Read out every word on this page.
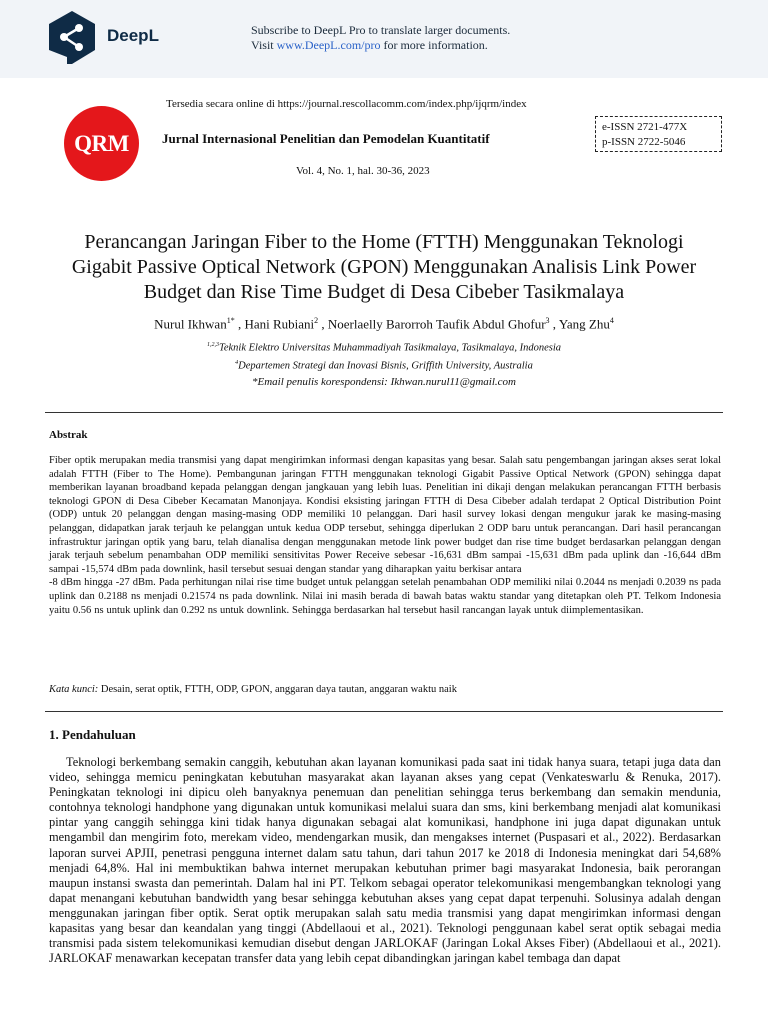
DeepL	Subscribe to DeepL Pro to translate larger documents.
Visit www.DeepL.com/pro for more information.
QRM
Tersedia secara online di https://journal.rescollacomm.com/index.php/ijqrm/index
Jurnal Internasional Penelitian dan Pemodelan Kuantitatif
e-ISSN 2721-477X
p-ISSN 2722-5046
Vol. 4, No. 1, hal. 30-36, 2023
Perancangan Jaringan Fiber to the Home (FTTH) Menggunakan Teknologi
Gigabit Passive Optical Network (GPON) Menggunakan Analisis Link Power
Budget dan Rise Time Budget di Desa Cibeber Tasikmalaya
Nurul Ikhwan$^{1*}$ , Hani Rubiani$^2$ , Noerlaelly Barorroh Taufik Abdul Ghofur$^3$ , Yang Zhu$^4$
$^{1,2,3}$Teknik Elektro Universitas Muhammadiyah Tasikmalaya, Tasikmalaya, Indonesia
$^4$Departemen Strategi dan Inovasi Bisnis, Griffith University, Australia
*Email penulis korespondensi: Ikhwan.nurul11@gmail.com
Abstrak
Fiber optik merupakan media transmisi yang dapat mengirimkan informasi dengan kapasitas yang besar. Salah satu pengembangan jaringan akses serat lokal adalah FTTH (Fiber to The Home). Pembangunan jaringan FTTH menggunakan teknologi Gigabit Passive Optical Network (GPON) sehingga dapat memberikan layanan broadband kepada pelanggan dengan jangkauan yang lebih luas. Penelitian ini dikaji dengan melakukan perancangan FTTH berbasis teknologi GPON di Desa Cibeber Kecamatan Manonjaya. Kondisi eksisting jaringan FTTH di Desa Cibeber adalah terdapat 2 Optical Distribution Point (ODP) untuk 20 pelanggan dengan masing-masing ODP memiliki 10 pelanggan. Dari hasil survey lokasi dengan mengukur jarak ke masing-masing pelanggan, didapatkan jarak terjauh ke pelanggan untuk kedua ODP tersebut, sehingga diperlukan 2 ODP baru untuk perancangan. Dari hasil perancangan infrastruktur jaringan optik yang baru, telah dianalisa dengan menggunakan metode link power budget dan rise time budget berdasarkan pelanggan dengan jarak terjauh sebelum penambahan ODP memiliki sensitivitas Power Receive sebesar -16,631 dBm sampai -15,631 dBm pada uplink dan -16,644 dBm sampai -15,574 dBm pada downlink, hasil tersebut sesuai dengan standar yang diharapkan yaitu berkisar antara
-8 dBm hingga -27 dBm. Pada perhitungan nilai rise time budget untuk pelanggan setelah penambahan ODP memiliki nilai 0.2044 ns menjadi 0.2039 ns pada uplink dan 0.2188 ns menjadi 0.21574 ns pada downlink. Nilai ini masih berada di bawah batas waktu standar yang ditetapkan oleh PT. Telkom Indonesia yaitu 0.56 ns untuk uplink dan 0.292 ns untuk downlink. Sehingga berdasarkan hal tersebut hasil rancangan layak untuk diimplementasikan.
Kata kunci: Desain, serat optik, FTTH, ODP, GPON, anggaran daya tautan, anggaran waktu naik
1. Pendahuluan

Teknologi berkembang semakin canggih, kebutuhan akan layanan komunikasi pada saat ini tidak hanya suara, tetapi juga data dan video, sehingga memicu peningkatan kebutuhan masyarakat akan layanan akses yang cepat (Venkateswarlu & Renuka, 2017). Peningkatan teknologi ini dipicu oleh banyaknya penemuan dan penelitian sehingga terus berkembang dan semakin mendunia, contohnya teknologi handphone yang digunakan untuk komunikasi melalui suara dan sms, kini berkembang menjadi alat komunikasi pintar yang canggih sehingga kini tidak hanya digunakan sebagai alat komunikasi, handphone ini juga dapat digunakan untuk mengambil dan mengirim foto, merekam video, mendengarkan musik, dan mengakses internet (Puspasari et al., 2022). Berdasarkan laporan survei APJII, penetrasi pengguna internet dalam satu tahun, dari tahun 2017 ke 2018 di Indonesia meningkat dari 54,68% menjadi 64,8%. Hal ini membuktikan bahwa internet merupakan kebutuhan primer bagi masyarakat Indonesia, baik perorangan maupun instansi swasta dan pemerintah. Dalam hal ini PT. Telkom sebagai operator telekomunikasi mengembangkan teknologi yang dapat menangani kebutuhan bandwidth yang besar sehingga kebutuhan akses yang cepat dapat terpenuhi. Solusinya adalah dengan menggunakan jaringan fiber optik. Serat optik merupakan salah satu media transmisi yang dapat mengirimkan informasi dengan kapasitas yang besar dan keandalan yang tinggi (Abdellaoui et al., 2021). Teknologi penggunaan kabel serat optik sebagai media transmisi pada sistem telekomunikasi kemudian disebut dengan JARLOKAF (Jaringan Lokal Akses Fiber) (Abdellaoui et al., 2021). JARLOKAF menawarkan kecepatan transfer data yang lebih cepat dibandingkan jaringan kabel tembaga dan dapat
